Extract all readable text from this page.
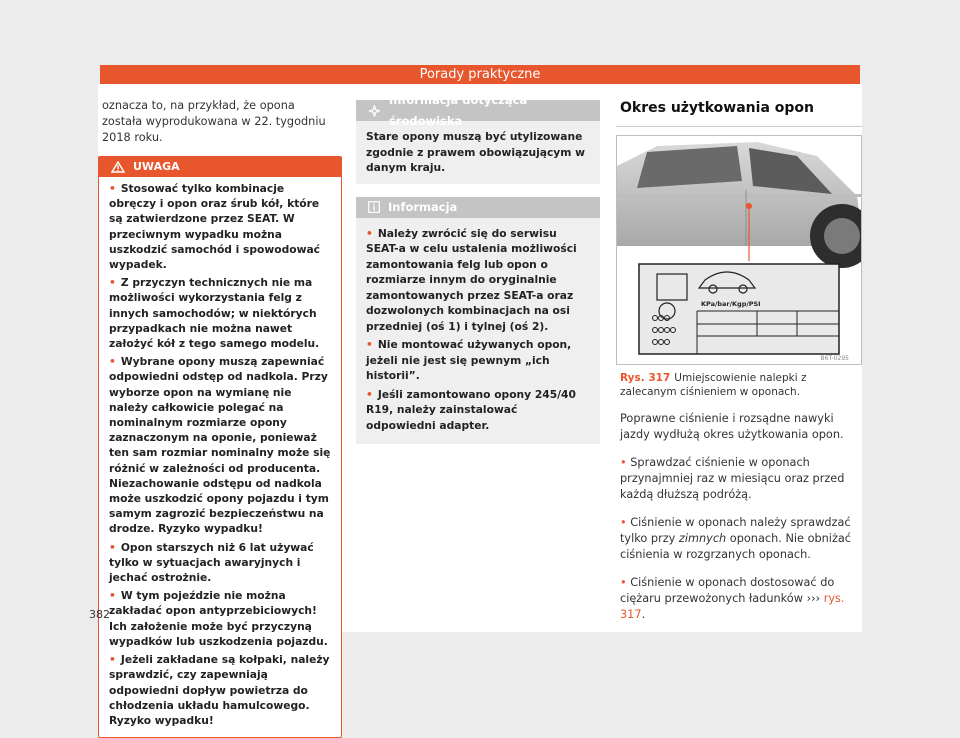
Porady praktyczne
oznacza to, na przykład, że opona została wyprodukowana w 22. tygodniu 2018 roku.
UWAGA
• Stosować tylko kombinacje obręczy i opon oraz śrub kół, które są zatwierdzone przez SEAT. W przeciwnym wypadku można uszkodzić samochód i spowodować wypadek.
• Z przyczyn technicznych nie ma możliwości wykorzystania felg z innych samochodów; w niektórych przypadkach nie można nawet założyć kół z tego samego modelu.
• Wybrane opony muszą zapewniać odpowiedni odstęp od nadkola. Przy wyborze opon na wymianę nie należy całkowicie polegać na nominalnym rozmiarze opony zaznaczonym na oponie, ponieważ ten sam rozmiar nominalny może się różnić w zależności od producenta. Niezachowanie odstępu od nadkola może uszkodzić opony pojazdu i tym samym zagrozić bezpieczeństwu na drodze. Ryzyko wypadku!
• Opon starszych niż 6 lat używać tylko w sytuacjach awaryjnych i jechać ostrożnie.
• W tym pojeździe nie można zakładać opon antyprzebiciowych! Ich założenie może być przyczyną wypadków lub uszkodzenia pojazdu.
• Jeżeli zakładane są kołpaki, należy sprawdzić, czy zapewniają odpowiedni dopływ powietrza do chłodzenia układu hamulcowego. Ryzyko wypadku!
Informacja dotycząca środowiska
Stare opony muszą być utylizowane zgodnie z prawem obowiązującym w danym kraju.
Informacja
• Należy zwrócić się do serwisu SEAT-a w celu ustalenia możliwości zamontowania felg lub opon o rozmiarze innym do oryginalnie zamontowanych przez SEAT-a oraz dozwolonych kombinacjach na osi przedniej (oś 1) i tylnej (oś 2).
• Nie montować używanych opon, jeżeli nie jest się pewnym „ich historii”.
• Jeśli zamontowano opony 245/40 R19, należy zainstalować odpowiedni adapter.
Okres użytkowania opon
KPa/bar/Kgp/PSI
B6T-0295
Rys. 317 Umiejscowienie nalepki z zalecanym ciśnieniem w oponach.
Poprawne ciśnienie i rozsądne nawyki jazdy wydłużą okres użytkowania opon.
• Sprawdzać ciśnienie w oponach przynajmniej raz w miesiącu oraz przed każdą dłuższą podróżą.
• Ciśnienie w oponach należy sprawdzać tylko przy zimnych oponach. Nie obniżać ciśnienia w rozgrzanych oponach.
• Ciśnienie w oponach dostosować do ciężaru przewożonych ładunków ››› rys. 317.
382
